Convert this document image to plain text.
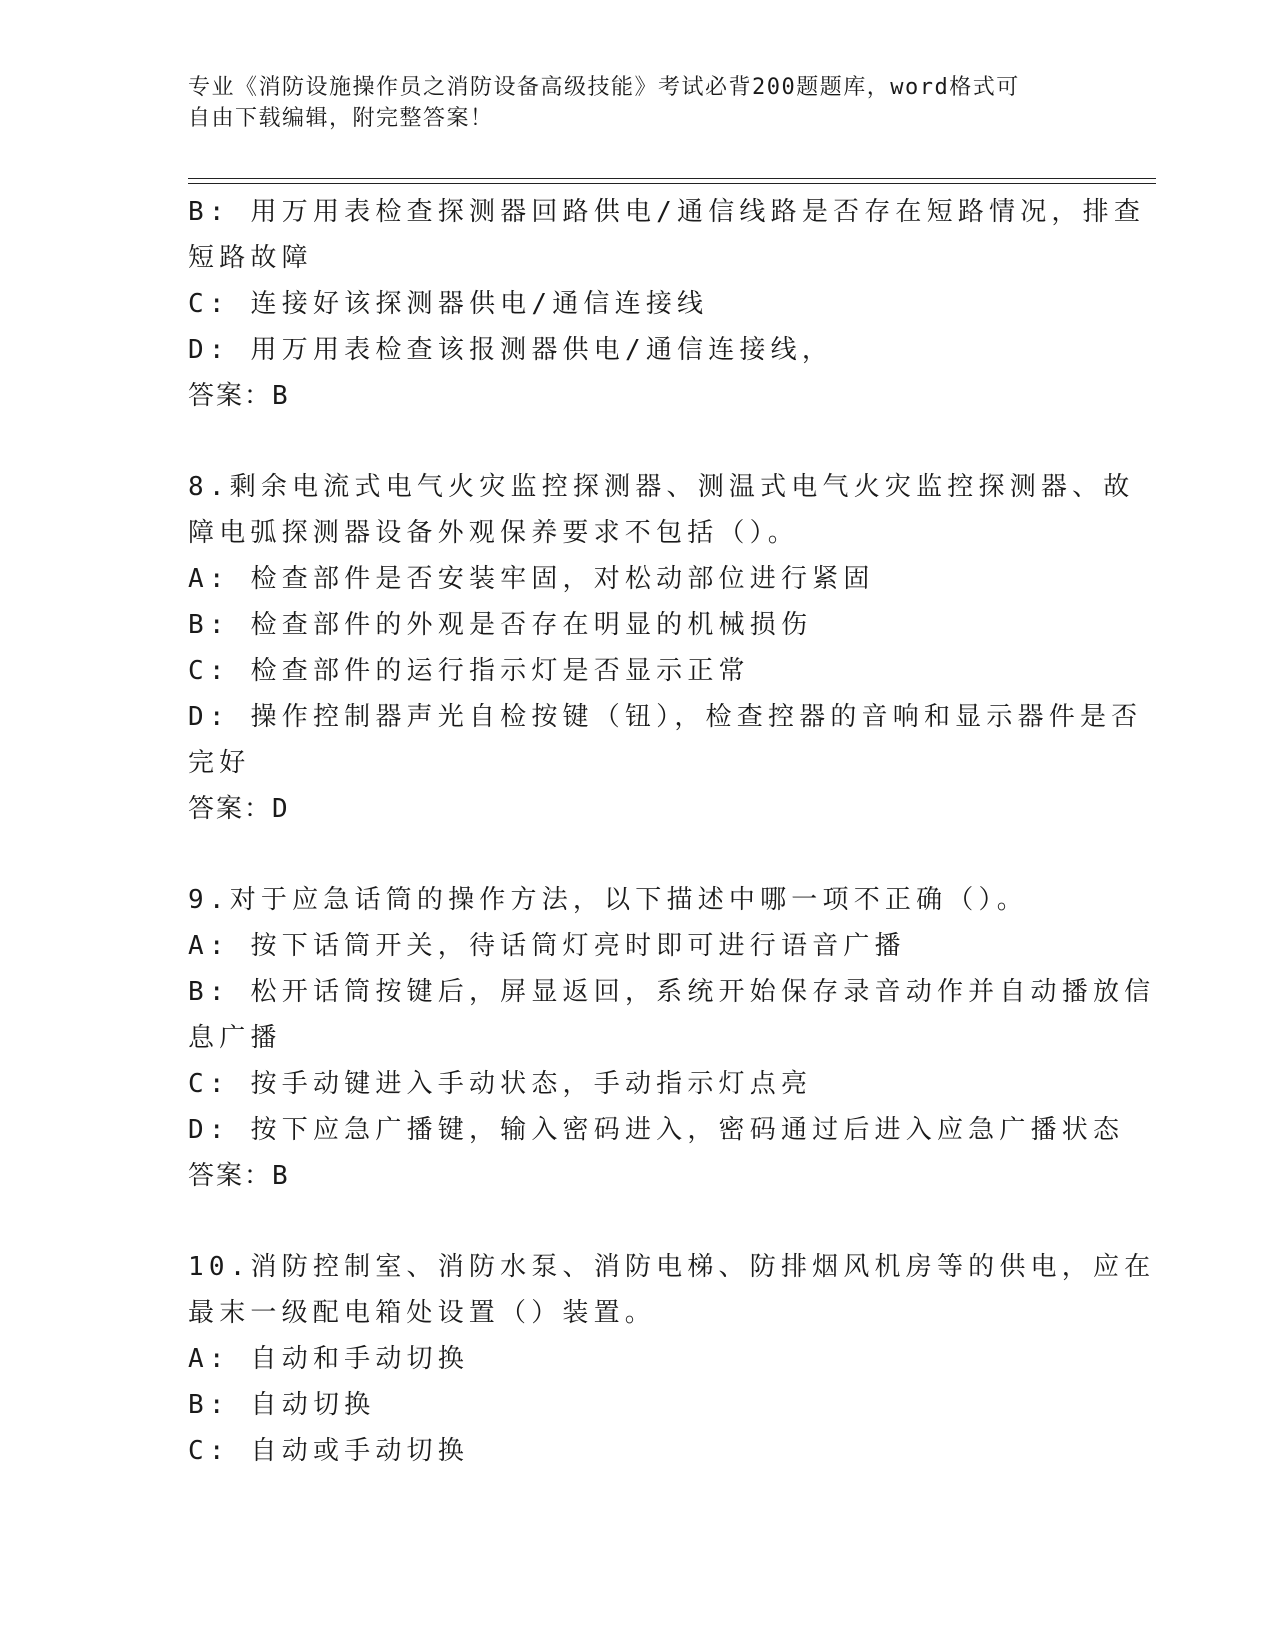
专业《消防设施操作员之消防设备高级技能》考试必背200题题库，word格式可
自由下载编辑，附完整答案！
B: 用万用表检查探测器回路供电/通信线路是否存在短路情况，排查
短路故障
C: 连接好该探测器供电/通信连接线
D: 用万用表检查该报测器供电/通信连接线，
答案：B
8.剩余电流式电气火灾监控探测器、测温式电气火灾监控探测器、故
障电弧探测器设备外观保养要求不包括（）。
A: 检查部件是否安装牢固，对松动部位进行紧固
B: 检查部件的外观是否存在明显的机械损伤
C: 检查部件的运行指示灯是否显示正常
D: 操作控制器声光自检按键（钮），检查控器的音响和显示器件是否
完好
答案：D
9.对于应急话筒的操作方法，以下描述中哪一项不正确（）。
A: 按下话筒开关，待话筒灯亮时即可进行语音广播
B: 松开话筒按键后，屏显返回，系统开始保存录音动作并自动播放信
息广播
C: 按手动键进入手动状态，手动指示灯点亮
D: 按下应急广播键，输入密码进入，密码通过后进入应急广播状态
答案：B
10.消防控制室、消防水泵、消防电梯、防排烟风机房等的供电，应在
最末一级配电箱处设置（）装置。
A: 自动和手动切换
B: 自动切换
C: 自动或手动切换
